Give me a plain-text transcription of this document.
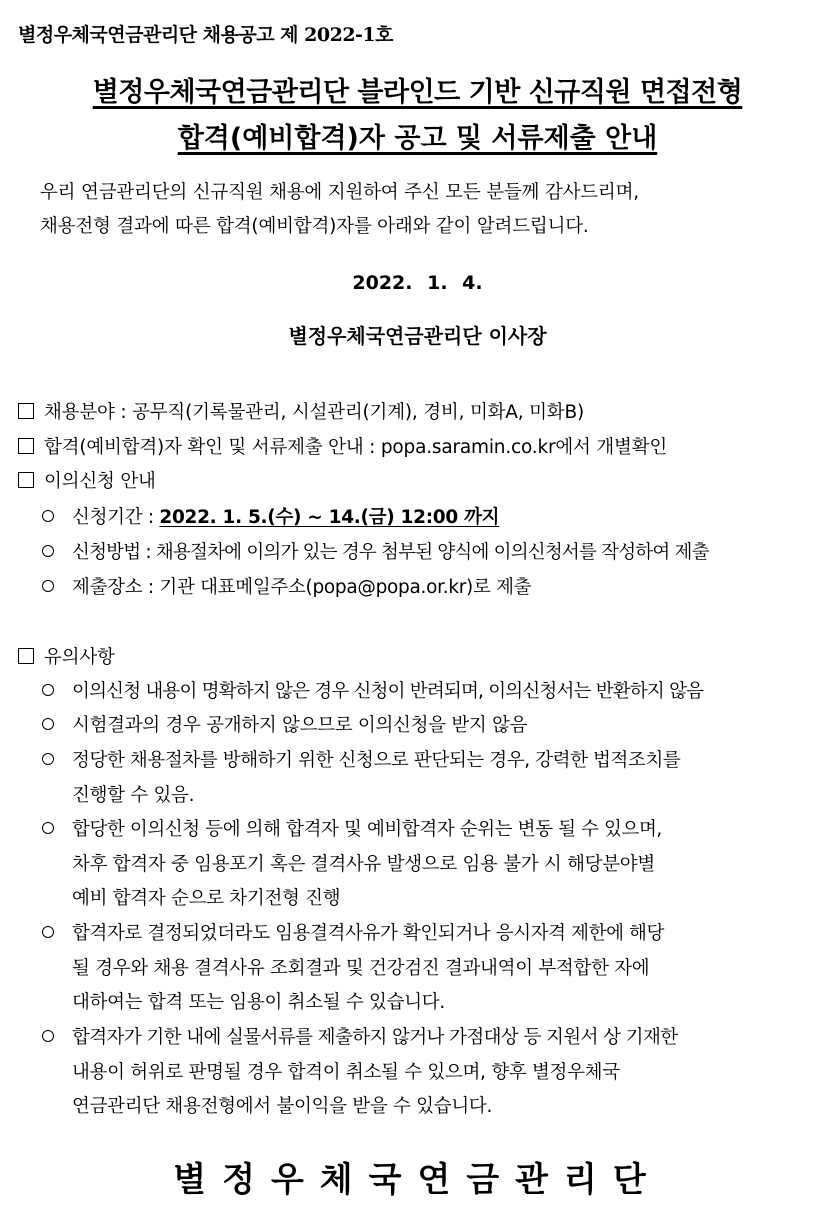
별정우체국연금관리단 채용공고 제 2022-1호
별정우체국연금관리단 블라인드 기반 신규직원 면접전형
합격(예비합격)자 공고 및 서류제출 안내
우리 연금관리단의 신규직원 채용에 지원하여 주신 모든 분들께 감사드리며,
채용전형 결과에 따른 합격(예비합격)자를 아래와 같이 알려드립니다.
2022. 1. 4.
별정우체국연금관리단 이사장
채용분야 : 공무직(기록물관리, 시설관리(기계), 경비, 미화A, 미화B)
합격(예비합격)자 확인 및 서류제출 안내 : popa.saramin.co.kr에서 개별확인
이의신청 안내
신청기간 : 2022. 1. 5.(수) ~ 14.(금) 12:00 까지
신청방법 : 채용절차에 이의가 있는 경우 첨부된 양식에 이의신청서를 작성하여 제출
제출장소 : 기관 대표메일주소(popa@popa.or.kr)로 제출
유의사항
이의신청 내용이 명확하지 않은 경우 신청이 반려되며, 이의신청서는 반환하지 않음
시험결과의 경우 공개하지 않으므로 이의신청을 받지 않음
정당한 채용절차를 방해하기 위한 신청으로 판단되는 경우, 강력한 법적조치를
진행할 수 있음.
합당한 이의신청 등에 의해 합격자 및 예비합격자 순위는 변동 될 수 있으며,
차후 합격자 중 임용포기 혹은 결격사유 발생으로 임용 불가 시 해당분야별
예비 합격자 순으로 차기전형 진행
합격자로 결정되었더라도 임용결격사유가 확인되거나 응시자격 제한에 해당
될 경우와 채용 결격사유 조회결과 및 건강검진 결과내역이 부적합한 자에
대하여는 합격 또는 임용이 취소될 수 있습니다.
합격자가 기한 내에 실물서류를 제출하지 않거나 가점대상 등 지원서 상 기재한
내용이 허위로 판명될 경우 합격이 취소될 수 있으며, 향후 별정우체국
연금관리단 채용전형에서 불이익을 받을 수 있습니다.
별정우체국연금관리단
